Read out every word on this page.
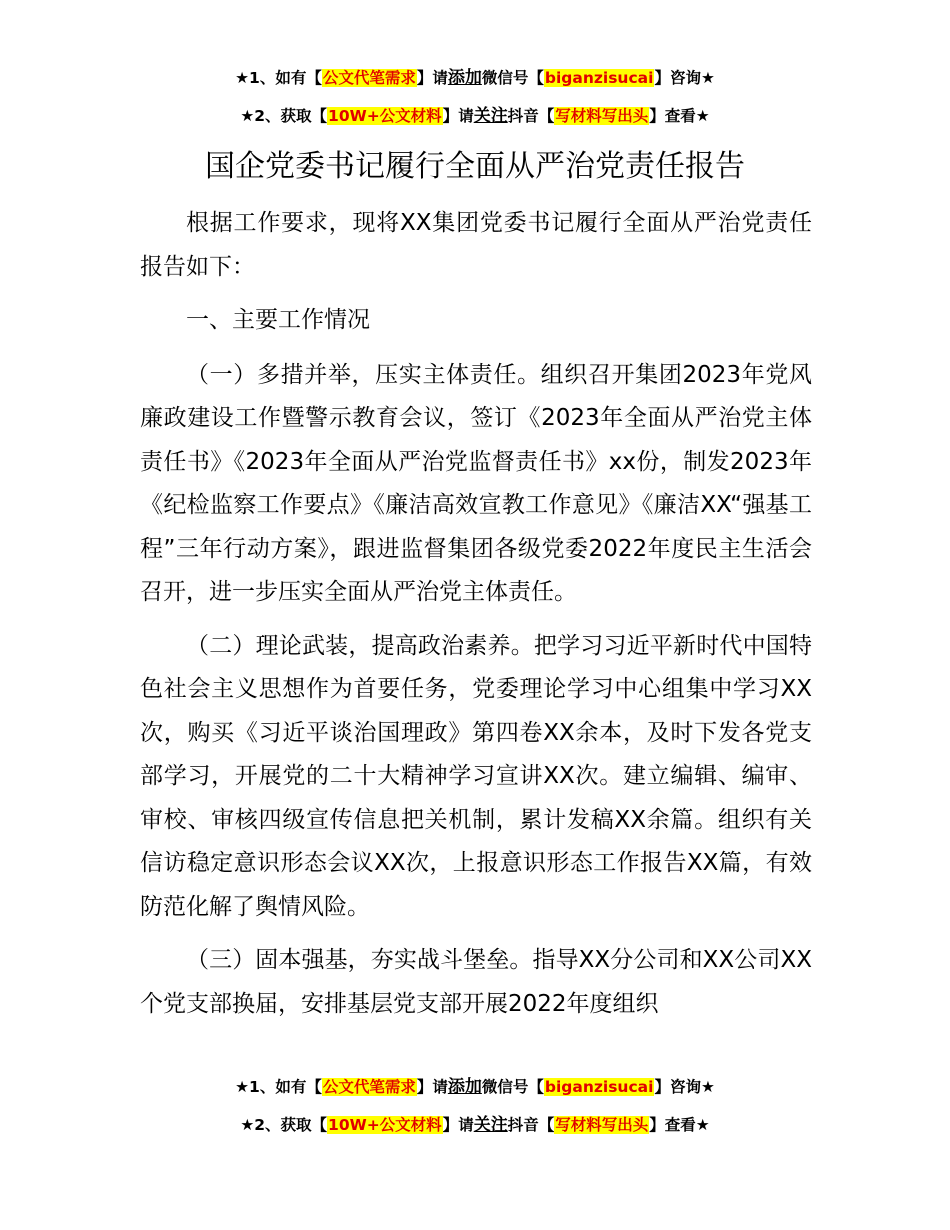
★1、如有【公文代笔需求】请添加微信号【biganzisucai】咨询★
★2、获取【10W+公文材料】请关注抖音【写材料写出头】查看★
国企党委书记履行全面从严治党责任报告

根据工作要求，现将XX集团党委书记履行全面从严治党责任报告如下：

一、主要工作情况

（一）多措并举，压实主体责任。组织召开集团2023年党风廉政建设工作暨警示教育会议，签订《2023年全面从严治党主体责任书》《2023年全面从严治党监督责任书》xx份，制发2023年《纪检监察工作要点》《廉洁高效宣教工作意见》《廉洁XX“强基工程”三年行动方案》，跟进监督集团各级党委2022年度民主生活会召开，进一步压实全面从严治党主体责任。

（二）理论武装，提高政治素养。把学习习近平新时代中国特色社会主义思想作为首要任务，党委理论学习中心组集中学习XX次，购买《习近平谈治国理政》第四卷XX余本，及时下发各党支部学习，开展党的二十大精神学习宣讲XX次。建立编辑、编审、审校、审核四级宣传信息把关机制，累计发稿XX余篇。组织有关信访稳定意识形态会议XX次，上报意识形态工作报告XX篇，有效防范化解了舆情风险。

（三）固本强基，夯实战斗堡垒。指导XX分公司和XX公司XX个党支部换届，安排基层党支部开展2022年度组织

★1、如有【公文代笔需求】请添加微信号【biganzisucai】咨询★
★2、获取【10W+公文材料】请关注抖音【写材料写出头】查看★
